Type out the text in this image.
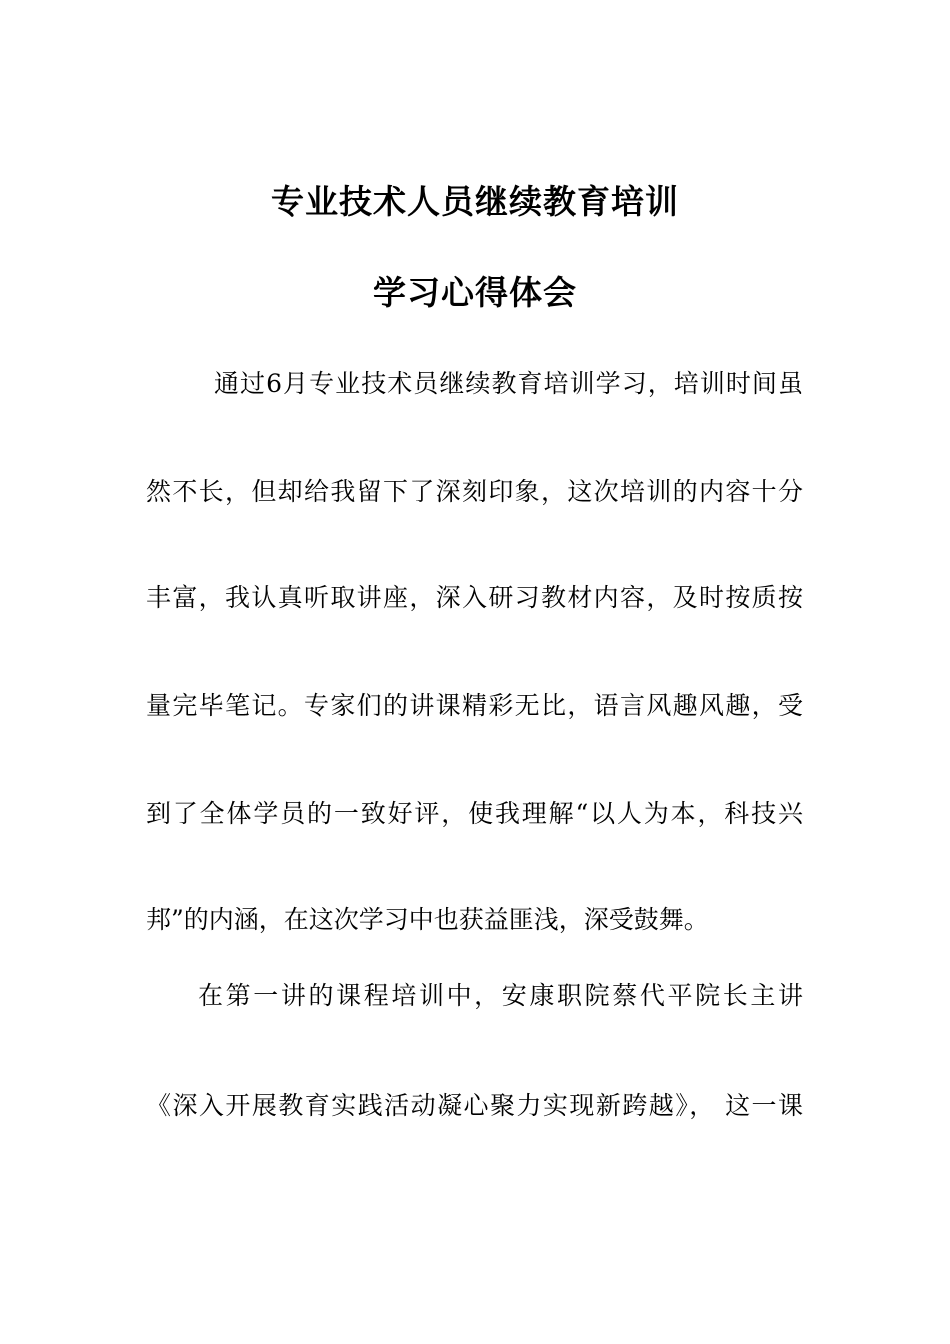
专业技术人员继续教育培训
学习心得体会
通过6月专业技术员继续教育培训学习，培训时间虽
然不长，但却给我留下了深刻印象，这次培训的内容十分
丰富，我认真听取讲座，深入研习教材内容，及时按质按
量完毕笔记。专家们的讲课精彩无比，语言风趣风趣，受
到了全体学员的一致好评，使我理解“以人为本，科技兴
邦”的内涵，在这次学习中也获益匪浅，深受鼓舞。
在第一讲的课程培训中，安康职院蔡代平院长主讲
《深入开展教育实践活动凝心聚力实现新跨越》， 这一课
